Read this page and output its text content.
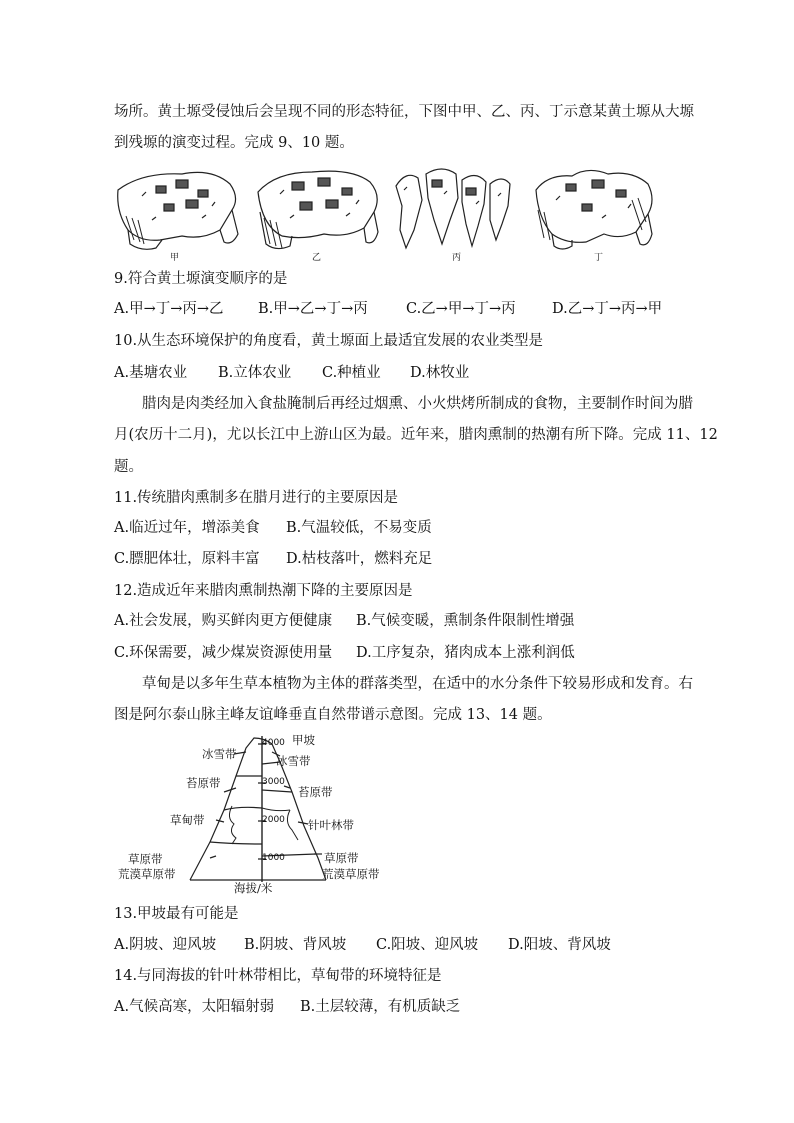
场所。黄土塬受侵蚀后会呈现不同的形态特征，下图中甲、乙、丙、丁示意某黄土塬从大塬
到残塬的演变过程。完成 9、10 题。
甲	乙	丙	丁
9.符合黄土塬演变顺序的是
A.甲→丁→丙→乙 B.甲→乙→丁→丙	C.乙→甲→丁→丙	D.乙→丁→丙→甲
10.从生态环境保护的角度看，黄土塬面上最适宜发展的农业类型是
A.基塘农业 B.立体农业 C.种植业 D.林牧业
腊肉是肉类经加入食盐腌制后再经过烟熏、小火烘烤所制成的食物，主要制作时间为腊
月(农历十二月)，尤以长江中上游山区为最。近年来，腊肉熏制的热潮有所下降。完成 11、12
题。
11.传统腊肉熏制多在腊月进行的主要原因是
A.临近过年，增添美食 B.气温较低，不易变质
C.膘肥体壮，原料丰富 D.枯枝落叶，燃料充足
12.造成近年来腊肉熏制热潮下降的主要原因是
A.社会发展，购买鲜肉更方便健康 B.气候变暖，熏制条件限制性增强
C.环保需要，减少煤炭资源使用量 D.工序复杂，猪肉成本上涨利润低
草甸是以多年生草本植物为主体的群落类型，在适中的水分条件下较易形成和发育。右
图是阿尔泰山脉主峰友谊峰垂直自然带谱示意图。完成 13、14 题。
甲坡
4000
3000
2000
1000
冰雪带
苔原带
草甸带
草原带
荒漠草原带
冰雪带
苔原带
针叶林带
草原带
荒漠草原带
海拔/米
13.甲坡最有可能是
A.阴坡、迎风坡 B.阴坡、背风坡 C.阳坡、迎风坡 D.阳坡、背风坡
14.与同海拔的针叶林带相比，草甸带的环境特征是
A.气候高寒，太阳辐射弱 B.土层较薄，有机质缺乏
